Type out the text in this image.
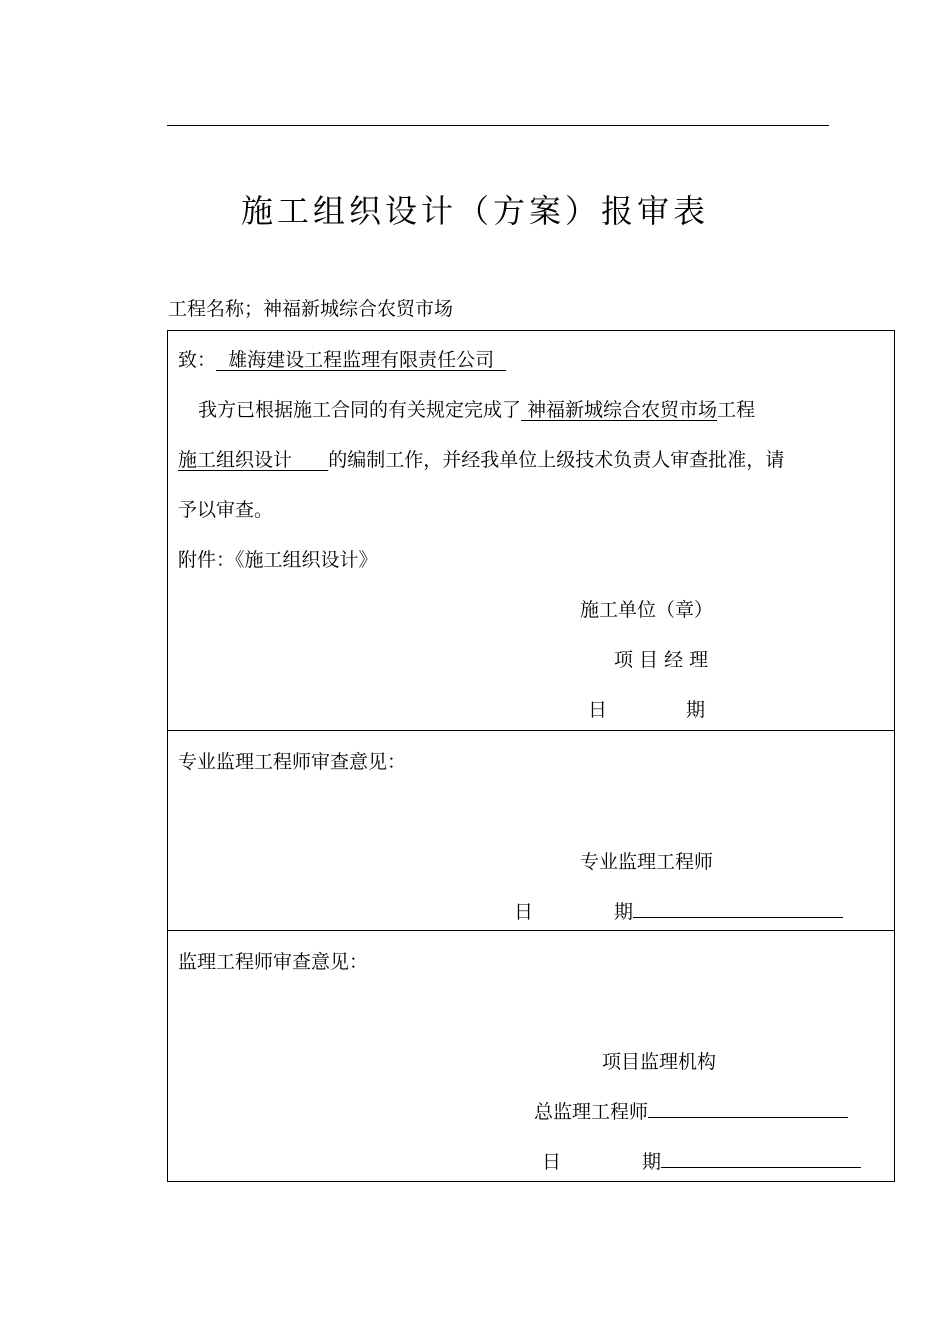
施工组织设计（方案）报审表
工程名称；神福新城综合农贸市场
致：  雄海建设工程监理有限责任公司
我方已根据施工合同的有关规定完成了 神福新城综合农贸市场工程
施工组织设计      的编制工作，并经我单位上级技术负责人审查批准，请
予以审查。
附件：《施工组织设计》
施工单位（章）
项 目 经 理
日	期
专业监理工程师审查意见：
专业监理工程师
日	期
监理工程师审查意见：
项目监理机构
总监理工程师
日	期
